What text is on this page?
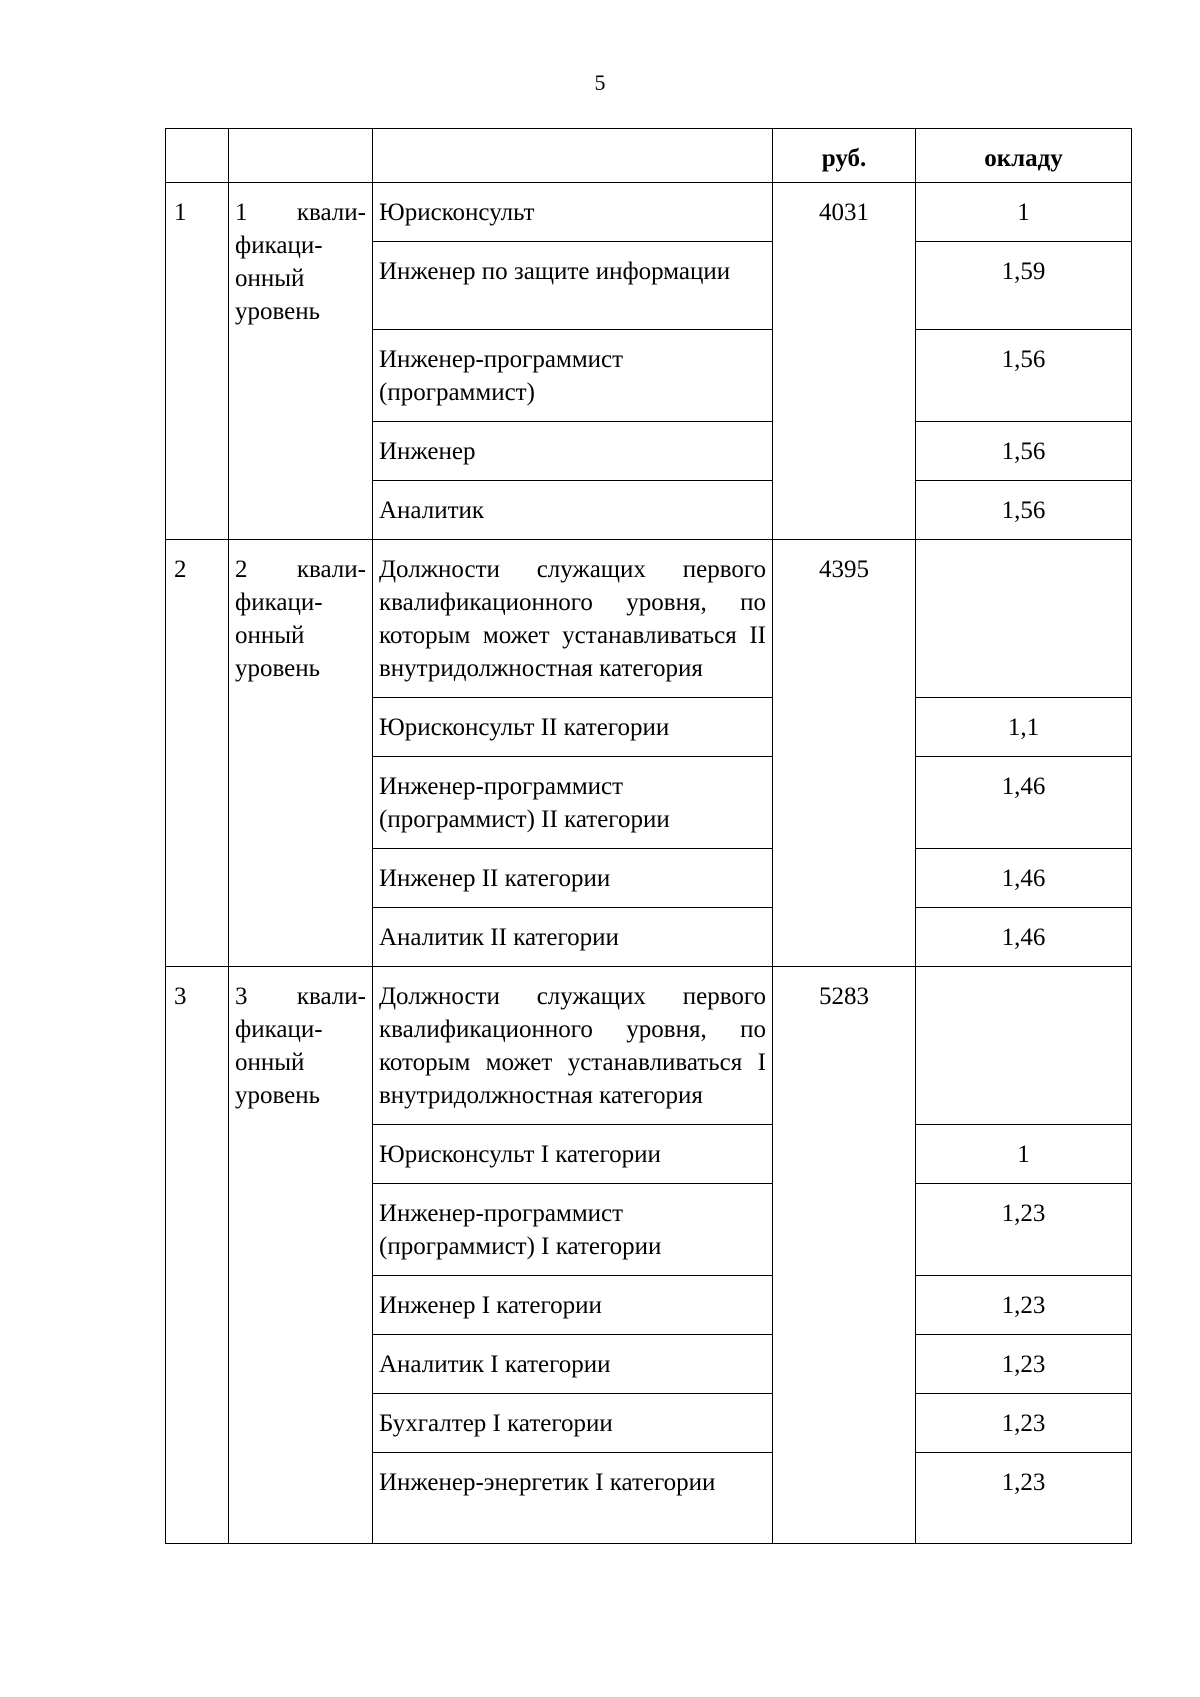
5
			руб.	окладу
1	1 квали-
фикаци-
онный
уровень	Юрисконсульт	4031	1
		Инженер по защите информации		1,59
		Инженер-программист (программист)		1,56
		Инженер		1,56
		Аналитик		1,56
2	2 квали-
фикаци-
онный
уровень	Должности служащих первого квалификационного уровня, по которым может устанавливаться II внутридолжностная категория	4395	
		Юрисконсульт II категории		1,1
		Инженер-программист (программист) II категории		1,46
		Инженер II категории		1,46
		Аналитик II категории		1,46
3	3 квали-
фикаци-
онный
уровень	Должности служащих первого квалификационного уровня, по которым может устанавливаться I внутридолжностная категория	5283	
		Юрисконсульт I категории		1
		Инженер-программист (программист) I категории		1,23
		Инженер I категории		1,23
		Аналитик I категории		1,23
		Бухгалтер I категории		1,23
		Инженер-энергетик I категории		1,23
